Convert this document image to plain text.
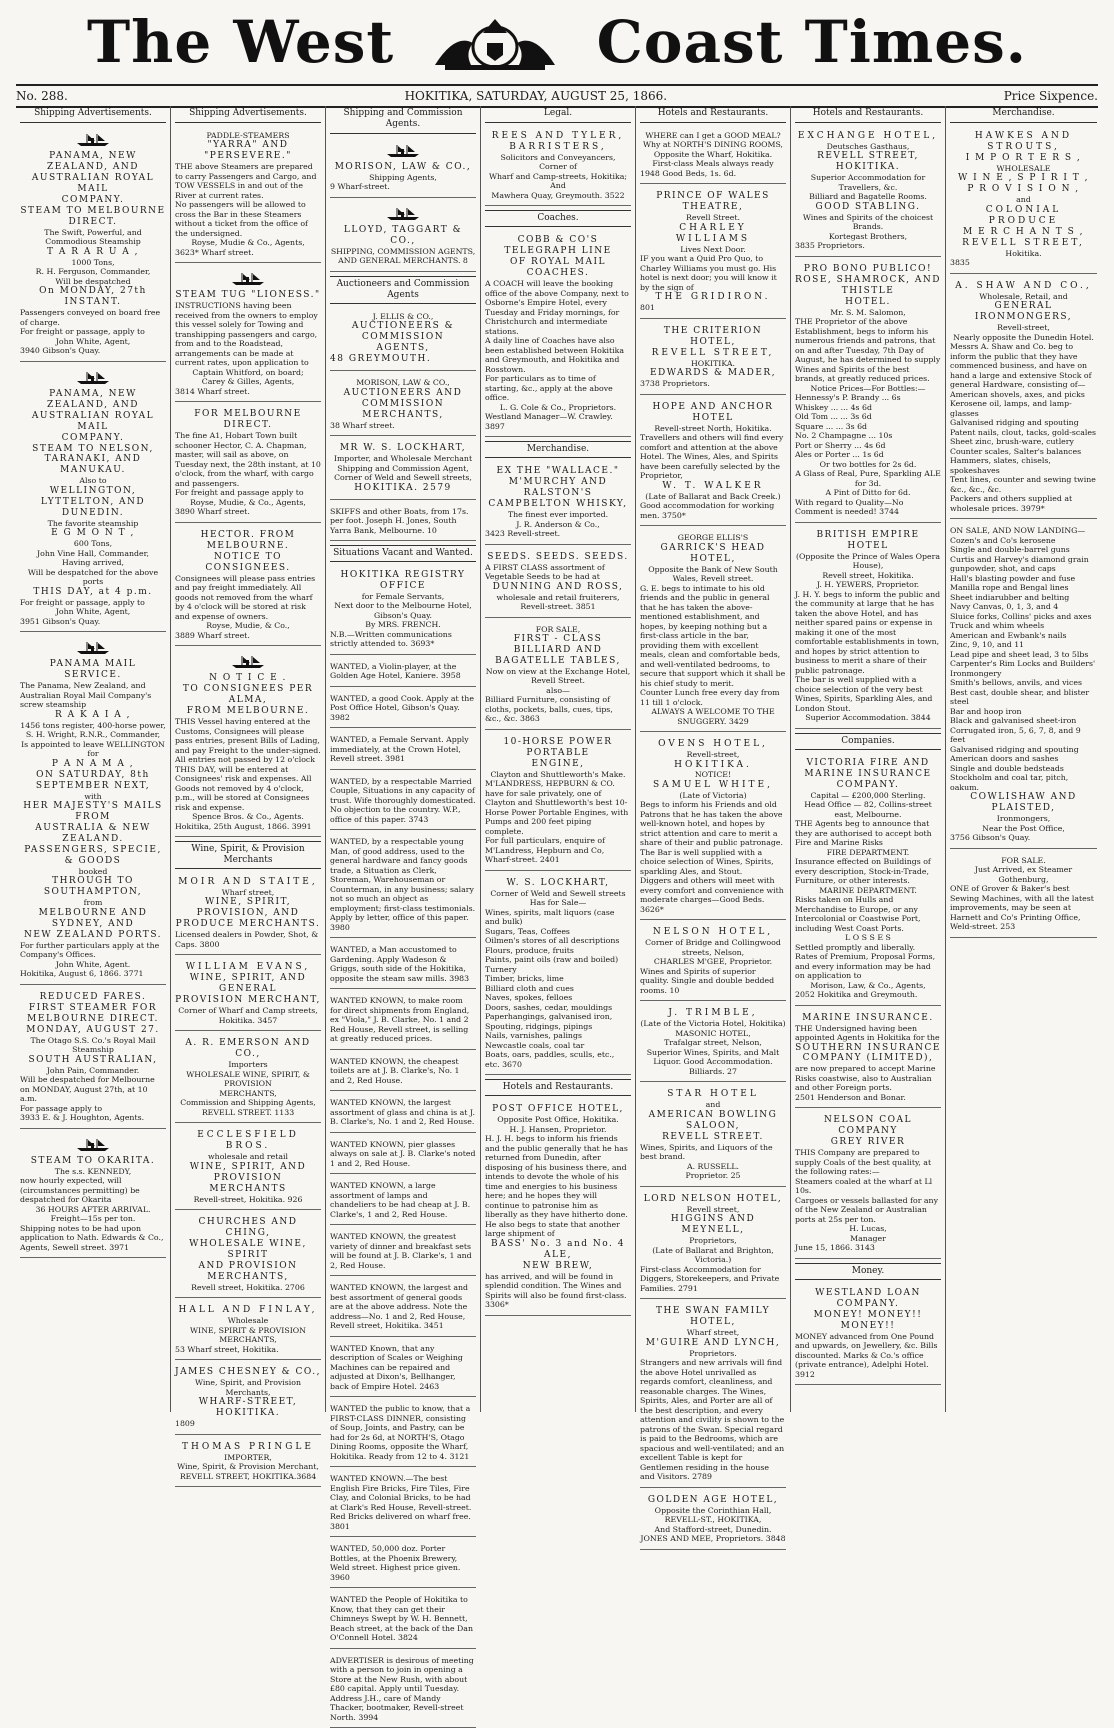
The West	Coast Times.
No. 288.	HOKITIKA, SATURDAY, AUGUST 25, 1866.	Price Sixpence.
Shipping Advertisements.
PANAMA, NEW ZEALAND, AND
AUSTRALIAN ROYAL MAIL
COMPANY.
STEAM TO MELBOURNE DIRECT.
The Swift, Powerful, and Commodious Steamship
T A R A R U A ,
1000 Tons,
R. H. Ferguson, Commander,
Will be despatched
On MONDAY, 27th INSTANT.
Passengers conveyed on board free of charge.
For freight or passage, apply to
John White, Agent,
3940 Gibson's Quay.
PANAMA, NEW ZEALAND, AND
AUSTRALIAN ROYAL MAIL
COMPANY.
STEAM TO NELSON, TARANAKI, AND MANUKAU.
Also to
WELLINGTON, LYTTELTON, AND
DUNEDIN.
The favorite steamship
E G M O N T ,
600 Tons,
John Vine Hall, Commander,
Having arrived,
Will be despatched for the above ports
THIS DAY, at 4 p.m.
For freight or passage, apply to
John White, Agent,
3951 Gibson's Quay.
PANAMA MAIL SERVICE.
The Panama, New Zealand, and Australian Royal Mail Company's screw steamship
R A K A I A ,
1456 tons register, 400-horse power,
S. H. Wright, R.N.R., Commander,
Is appointed to leave WELLINGTON for
P A N A M A ,
ON SATURDAY, 8th SEPTEMBER NEXT,
with
HER MAJESTY'S MAILS FROM
AUSTRALIA & NEW ZEALAND.
PASSENGERS, SPECIE, & GOODS
booked
THROUGH TO SOUTHAMPTON,
from
MELBOURNE AND SYDNEY, AND
NEW ZEALAND PORTS.
For further particulars apply at the Company's Offices.
John White, Agent.
Hokitika, August 6, 1866. 3771
REDUCED FARES.
FIRST STEAMER FOR MELBOURNE DIRECT.
MONDAY, AUGUST 27.
The Otago S.S. Co.'s Royal Mail Steamship
SOUTH AUSTRALIAN,
John Pain, Commander.
Will be despatched for Melbourne on MONDAY, August 27th, at 10 a.m.
For passage apply to
3933 E. & J. Houghton, Agents.
STEAM TO OKARITA.
The s.s. KENNEDY,
now hourly expected, will (circumstances permitting) be despatched for Okarita
36 HOURS AFTER ARRIVAL.
Freight—15s per ton.
Shipping notes to be had upon application to Nath. Edwards & Co., Agents, Sewell street. 3971
Shipping Advertisements.
PADDLE-STEAMERS
"YARRA" AND "PERSEVERE."
THE above Steamers are prepared to carry Passengers and Cargo, and TOW VESSELS in and out of the River at current rates.
No passengers will be allowed to cross the Bar in these Steamers without a ticket from the office of the undersigned.
Royse, Mudie & Co., Agents,
3623* Wharf street.
STEAM TUG "LIONESS."
INSTRUCTIONS having been received from the owners to employ this vessel solely for Towing and transhipping passengers and cargo, from and to the Roadstead, arrangements can be made at current rates, upon application to
Captain Whitford, on board;
Carey & Gilles, Agents,
3814 Wharf street.
FOR MELBOURNE DIRECT.
The fine A1, Hobart Town built schooner Hector, C. A. Chapman, master, will sail as above, on Tuesday next, the 28th instant, at 10 o'clock, from the wharf, with cargo and passengers.
For freight and passage apply to
Royse, Mudie, & Co., Agents,
3890 Wharf street.
HECTOR. FROM MELBOURNE.
NOTICE TO CONSIGNEES.
Consignees will please pass entries and pay freight immediately. All goods not removed from the wharf by 4 o'clock will be stored at risk and expense of owners.
Royse, Mudie, & Co.,
3889 Wharf street.
N O T I C E .
TO CONSIGNEES PER ALMA,
FROM MELBOURNE.
THIS Vessel having entered at the Customs, Consignees will please pass entries, present Bills of Lading, and pay Freight to the under-signed. All entries not passed by 12 o'clock THIS DAY, will be entered at Consignees' risk and expenses. All Goods not removed by 4 o'clock, p.m., will be stored at Consignees risk and expense.
Spence Bros. & Co., Agents.
Hokitika, 25th August, 1866. 3991
Wine, Spirit, & Provision Merchants
MOIR AND STAITE,
Wharf street,
WINE, SPIRIT, PROVISION, AND
PRODUCE MERCHANTS.
Licensed dealers in Powder, Shot, & Caps. 3800
WILLIAM EVANS,
WINE, SPIRIT, AND GENERAL
PROVISION MERCHANT,
Corner of Wharf and Camp streets,
Hokitika. 3457
A. R. EMERSON AND CO.,
Importers
WHOLESALE WINE, SPIRIT, & PROVISION
MERCHANTS,
Commission and Shipping Agents,
REVELL STREET. 1133
ECCLESFIELD BROS.
wholesale and retail
WINE, SPIRIT, AND
PROVISION MERCHANTS
Revell-street, Hokitika. 926
CHURCHES AND CHING,
WHOLESALE WINE, SPIRIT
AND PROVISION MERCHANTS,
Revell street, Hokitika. 2706
HALL AND FINLAY,
Wholesale
WINE, SPIRIT & PROVISION MERCHANTS,
53 Wharf street, Hokitika.
JAMES CHESNEY & CO.,
Wine, Spirit, and Provision
Merchants,
WHARF-STREET, HOKITIKA.
1809
THOMAS PRINGLE
IMPORTER,
Wine, Spirit, & Provision Merchant,
REVELL STREET, HOKITIKA.3684
Shipping and Commission Agents.
MORISON, LAW & CO.,
Shipping Agents,
9 Wharf-street.
LLOYD, TAGGART & CO.,
SHIPPING, COMMISSION AGENTS, AND GENERAL MERCHANTS. 8
Auctioneers and Commission Agents
J. ELLIS & CO.,
AUCTIONEERS & COMMISSION
AGENTS,
48 GREYMOUTH.
MORISON, LAW & CO.,
AUCTIONEERS AND COMMISSION
MERCHANTS,
38 Wharf street.
MR W. S. LOCKHART,
Importer, and Wholesale Merchant
Shipping and Commission Agent,
Corner of Weld and Sewell streets,
HOKITIKA. 2579
SKIFFS and other Boats, from 17s. per foot. Joseph H. Jones, South Yarra Bank, Melbourne. 10
Situations Vacant and Wanted.
HOKITIKA REGISTRY OFFICE
for Female Servants,
Next door to the Melbourne Hotel,
Gibson's Quay.
By MRS. FRENCH.
N.B.—Written communications strictly attended to. 3693*
WANTED, a Violin-player, at the Golden Age Hotel, Kaniere. 3958
WANTED, a good Cook. Apply at the Post Office Hotel, Gibson's Quay. 3982
WANTED, a Female Servant. Apply immediately, at the Crown Hotel, Revell street. 3981
WANTED, by a respectable Married Couple, Situations in any capacity of trust. Wife thoroughly domesticated. No objection to the country. W.P., office of this paper. 3743
WANTED, by a respectable young Man, of good address, used to the general hardware and fancy goods trade, a Situation as Clerk, Storeman, Warehouseman or Counterman, in any business; salary not so much an object as employment; first-class testimonials. Apply by letter, office of this paper. 3980
WANTED, a Man accustomed to Gardening. Apply Wadeson & Griggs, south side of the Hokitika, opposite the steam saw mills. 3983
WANTED KNOWN, to make room for direct shipments from England, ex "Viola," J. B. Clarke, No. 1 and 2 Red House, Revell street, is selling at greatly reduced prices.
WANTED KNOWN, the cheapest toilets are at J. B. Clarke's, No. 1 and 2, Red House.
WANTED KNOWN, the largest assortment of glass and china is at J. B. Clarke's, No. 1 and 2, Red House.
WANTED KNOWN, pier glasses always on sale at J. B. Clarke's noted 1 and 2, Red House.
WANTED KNOWN, a large assortment of lamps and chandeliers to be had cheap at J. B. Clarke's, 1 and 2, Red House.
WANTED KNOWN, the greatest variety of dinner and breakfast sets will be found at J. B. Clarke's, 1 and 2, Red House.
WANTED KNOWN, the largest and best assortment of general goods are at the above address. Note the address—No. 1 and 2, Red House, Revell street, Hokitika. 3451
WANTED Known, that any description of Scales or Weighing Machines can be repaired and adjusted at Dixon's, Bellhanger, back of Empire Hotel. 2463
WANTED the public to know, that a FIRST-CLASS DINNER, consisting of Soup, Joints, and Pastry, can be had for 2s 6d, at NORTH'S, Otago Dining Rooms, opposite the Wharf, Hokitika. Ready from 12 to 4. 3121
WANTED KNOWN.—The best English Fire Bricks, Fire Tiles, Fire Clay, and Colonial Bricks, to be had at Clark's Red House, Revell-street. Red Bricks delivered on wharf free. 3801
WANTED, 50,000 doz. Porter Bottles, at the Phoenix Brewery, Weld street. Highest price given. 3960
WANTED the People of Hokitika to Know, that they can get their Chimneys Swept by W. H. Bennett, Beach street, at the back of the Dan O'Connell Hotel. 3824
ADVERTISER is desirous of meeting with a person to join in opening a Store at the New Rush, with about £80 capital. Apply until Tuesday. Address J.H., care of Mandy Thacker, bootmaker, Revell-street North. 3994
Legal.
REES AND TYLER,
BARRISTERS,
Solicitors and Conveyancers,
Corner of
Wharf and Camp-streets, Hokitika;
And
Mawhera Quay, Greymouth. 3522
Coaches.
COBB & CO'S TELEGRAPH LINE
OF ROYAL MAIL COACHES.
A COACH will leave the booking office of the above Company, next to Osborne's Empire Hotel, every Tuesday and Friday mornings, for Christchurch and intermediate stations.
A daily line of Coaches have also been established between Hokitika and Greymouth, and Hokitika and Rosstown.
For particulars as to time of starting, &c., apply at the above office.
L. G. Cole & Co., Proprietors.
Westland Manager—W. Crawley. 3897
Merchandise.
EX THE "WALLACE."
M'MURCHY AND RALSTON'S
CAMPBELTON WHISKY,
The finest ever imported.
J. R. Anderson & Co.,
3423 Revell-street.
SEEDS. SEEDS. SEEDS.
A FIRST CLASS assortment of Vegetable Seeds to be had at
DUNNING AND ROSS,
wholesale and retail fruiterers,
Revell-street. 3851
FOR SALE,
FIRST - CLASS BILLIARD AND
BAGATELLE TABLES,
Now on view at the Exchange Hotel, Revell Street.
also—
Billiard Furniture, consisting of cloths, pockets, balls, cues, tips, &c., &c. 3863
10-HORSE POWER PORTABLE
ENGINE,
Clayton and Shuttleworth's Make.
M'LANDRESS, HEPBURN & CO. have for sale privately, one of Clayton and Shuttleworth's best 10-Horse Power Portable Engines, with Pumps and 200 feet piping complete.
For full particulars, enquire of M'Landress, Hepburn and Co, Wharf-street. 2401
W. S. LOCKHART,
Corner of Weld and Sewell streets Has for Sale—
Wines, spirits, malt liquors (case and bulk)
Sugars, Teas, Coffees
Oilmen's stores of all descriptions
Flours, produce, fruits
Paints, paint oils (raw and boiled)
Turnery
Timber, bricks, lime
Billiard cloth and cues
Naves, spokes, felloes
Doors, sashes, cedar, mouldings
Paperhangings, galvanised iron, Spouting, ridgings, pipings
Nails, varnishes, palings
Newcastle coals, coal tar
Boats, oars, paddles, sculls, etc., etc. 3670
Hotels and Restaurants.
POST OFFICE HOTEL,
Opposite Post Office, Hokitika.
H. J. Hansen, Proprietor.
H. J. H. begs to inform his friends and the public generally that he has returned from Dunedin, after disposing of his business there, and intends to devote the whole of his time and energies to his business here; and he hopes they will continue to patronise him as liberally as they have hitherto done. He also begs to state that another large shipment of
BASS' No. 3 and No. 4 ALE,
NEW BREW,
has arrived, and will be found in splendid condition. The Wines and Spirits will also be found first-class. 3306*
Hotels and Restaurants.
WHERE can I get a GOOD MEAL? Why at NORTH'S DINING ROOMS, Opposite the Wharf, Hokitika.
First-class Meals always ready
1948 Good Beds, 1s. 6d.
PRINCE OF WALES THEATRE,
Revell Street.
CHARLEY WILLIAMS
Lives Next Door.
IF you want a Quid Pro Quo, to Charley Williams you must go. His hotel is next door; you will know it by the sign of
THE GRIDIRON.
801
THE CRITERION HOTEL,
REVELL STREET,
HOKITIKA.
EDWARDS & MADER,
3738 Proprietors.
HOPE AND ANCHOR HOTEL
Revell-street North, Hokitika.
Travellers and others will find every comfort and attention at the above Hotel. The Wines, Ales, and Spirits have been carefully selected by the Proprietor,
W. T. WALKER
(Late of Ballarat and Back Creek.)
Good accommodation for working men. 3750*
GEORGE ELLIS'S
GARRICK'S HEAD HOTEL,
Opposite the Bank of New South Wales, Revell street.
G. E. begs to intimate to his old friends and the public in general that he has taken the above-mentioned establishment, and hopes, by keeping nothing but a first-class article in the bar, providing them with excellent meals, clean and comfortable beds, and well-ventilated bedrooms, to secure that support which it shall be his chief study to merit.
Counter Lunch free every day from 11 till 1 o'clock.
ALWAYS A WELCOME TO THE SNUGGERY. 3429
OVENS HOTEL,
Revell-street,
HOKITIKA.
NOTICE!
SAMUEL WHITE,
(Late of Victoria)
Begs to inform his Friends and old Patrons that he has taken the above well-known hotel, and hopes by strict attention and care to merit a share of their and public patronage.
The Bar is well supplied with a choice selection of Wines, Spirits, sparkling Ales, and Stout.
Diggers and others will meet with every comfort and convenience with moderate charges—Good Beds. 3626*
NELSON HOTEL,
Corner of Bridge and Collingwood streets, Nelson,
CHARLES M'GEE, Proprietor.
Wines and Spirits of superior quality. Single and double bedded rooms. 10
J. TRIMBLE,
(Late of the Victoria Hotel, Hokitika) MASONIC HOTEL,
Trafalgar street, Nelson,
Superior Wines, Spirits, and Malt Liquor. Good Accommodation.
Billiards. 27
STAR HOTEL
and
AMERICAN BOWLING SALOON,
REVELL STREET.
Wines, Spirits, and Liquors of the best brand.
A. RUSSELL.
Proprietor. 25
LORD NELSON HOTEL,
Revell street,
HIGGINS AND MEYNELL,
Proprietors,
(Late of Ballarat and Brighton, Victoria.)
First-class Accommodation for Diggers, Storekeepers, and Private Families. 2791
THE SWAN FAMILY HOTEL,
Wharf street,
M'GUIRE AND LYNCH,
Proprietors.
Strangers and new arrivals will find the above Hotel unrivalled as regards comfort, cleanliness, and reasonable charges. The Wines, Spirits, Ales, and Porter are all of the best description, and every attention and civility is shown to the patrons of the Swan. Special regard is paid to the Bedrooms, which are spacious and well-ventilated; and an excellent Table is kept for Gentlemen residing in the house and Visitors. 2789
GOLDEN AGE HOTEL,
Opposite the Corinthian Hall,
REVELL-ST., HOKITIKA,
And Stafford-street, Dunedin.
JONES AND MEE, Proprietors. 3848
Hotels and Restaurants.
EXCHANGE HOTEL,
Deutsches Gasthaus,
REVELL STREET, HOKITIKA.
Superior Accommodation for Travellers, &c.
Billiard and Bagatelle Rooms.
GOOD STABLING.
Wines and Spirits of the choicest Brands.
Kortegast Brothers,
3835 Proprietors.
PRO BONO PUBLICO!
ROSE, SHAMROCK, AND THISTLE
HOTEL.
Mr. S. M. Salomon,
THE Proprietor of the above Establishment, begs to inform his numerous friends and patrons, that on and after Tuesday, 7th Day of August, he has determined to supply Wines and Spirits of the best brands, at greatly reduced prices.
Notice Prices—For Bottles:—
Hennessy's P. Brandy ... 6s
Whiskey ... ... 4s 6d
Old Tom ... ... 3s 6d
Square ... ... 3s 6d
No. 2 Champagne ... 10s
Port or Sherry ... 4s 6d
Ales or Porter ... 1s 6d
Or two bottles for 2s 6d.
A Glass of Real, Pure, Sparkling ALE for 3d.
A Pint of Ditto for 6d.
With regard to Quality—No Comment is needed! 3744
BRITISH EMPIRE HOTEL
(Opposite the Prince of Wales Opera House),
Revell street, Hokitika.
J. H. YEWERS, Proprietor.
J. H. Y. begs to inform the public and the community at large that he has taken the above Hotel, and has neither spared pains or expense in making it one of the most comfortable establishments in town, and hopes by strict attention to business to merit a share of their public patronage.
The bar is well supplied with a choice selection of the very best Wines, Spirits, Sparkling Ales, and London Stout.
Superior Accommodation. 3844
Companies.
VICTORIA FIRE AND MARINE INSURANCE COMPANY.
Capital — £200,000 Sterling.
Head Office — 82, Collins-street east, Melbourne.
THE Agents beg to announce that they are authorised to accept both Fire and Marine Risks
FIRE DEPARTMENT.
Insurance effected on Buildings of every description, Stock-in-Trade, Furniture, or other interests.
MARINE DEPARTMENT.
Risks taken on Hulls and Merchandise to Europe, or any Intercolonial or Coastwise Port, including West Coast Ports.
L O S S E S
Settled promptly and liberally.
Rates of Premium, Proposal Forms, and every information may be had on application to
Morison, Law, & Co., Agents,
2052 Hokitika and Greymouth.
MARINE INSURANCE.
THE Undersigned having been appointed Agents in Hokitika for the
SOUTHERN INSURANCE COMPANY (LIMITED),
are now prepared to accept Marine Risks coastwise, also to Australian and other Foreign ports.
2501 Henderson and Bonar.
NELSON COAL COMPANY
GREY RIVER
THIS Company are prepared to supply Coals of the best quality, at the following rates:—
Steamers coaled at the wharf at Ll 10s.
Cargoes or vessels ballasted for any of the New Zealand or Australian ports at 25s per ton.
H. Lucas,
Manager
June 15, 1866. 3143
Money.
WESTLAND LOAN COMPANY.
MONEY! MONEY!! MONEY!!
MONEY advanced from One Pound and upwards, on Jewellery, &c. Bills discounted. Marks & Co.'s office (private entrance), Adelphi Hotel. 3912
Merchandise.
HAWKES AND STROUTS,
I M P O R T E R S ,
WHOLESALE
W I N E , S P I R I T ,
P R O V I S I O N ,
and
COLONIAL PRODUCE
M E R C H A N T S ,
REVELL STREET,
Hokitika.
3835
A. SHAW AND CO.,
Wholesale, Retail, and
GENERAL IRONMONGERS,
Revell-street,
Nearly opposite the Dunedin Hotel.
Messrs A. Shaw and Co. beg to inform the public that they have commenced business, and have on hand a large and extensive Stock of general Hardware, consisting of—
American shovels, axes, and picks
Kerosene oil, lamps, and lamp-glasses
Galvanised ridging and spouting
Patent nails, clout, tacks, gold-scales
Sheet zinc, brush-ware, cutlery
Counter scales, Salter's balances
Hammers, slates, chisels, spokeshaves
Tent lines, counter and sewing twine &c., &c., &c.
Packers and others supplied at wholesale prices. 3979*
ON SALE, AND NOW LANDING—
Cozen's and Co's kerosene
Single and double-barrel guns
Curtis and Harvey's diamond grain gunpowder, shot, and caps
Hall's blasting powder and fuse
Manilla rope and Bengal lines
Sheet indiarubber and belting
Navy Canvas, 0, 1, 3, and 4
Sluice forks, Collins' picks and axes
Truck and whim wheels
American and Ewbank's nails
Zinc, 9, 10, and 11
Lead pipe and sheet lead, 3 to 5lbs
Carpenter's Rim Locks and Builders' Ironmongery
Smith's bellows, anvils, and vices
Best cast, double shear, and blister steel
Bar and hoop iron
Black and galvanised sheet-iron
Corrugated iron, 5, 6, 7, 8, and 9 feet
Galvanised ridging and spouting
American doors and sashes
Single and double bedsteads
Stockholm and coal tar, pitch, oakum.
COWLISHAW AND PLAISTED,
Ironmongers,
Near the Post Office,
3756 Gibson's Quay.
FOR SALE.
Just Arrived, ex Steamer Gothenburg,
ONE of Grover & Baker's best Sewing Machines, with all the latest improvements, may be seen at Harnett and Co's Printing Office, Weld-street. 253
